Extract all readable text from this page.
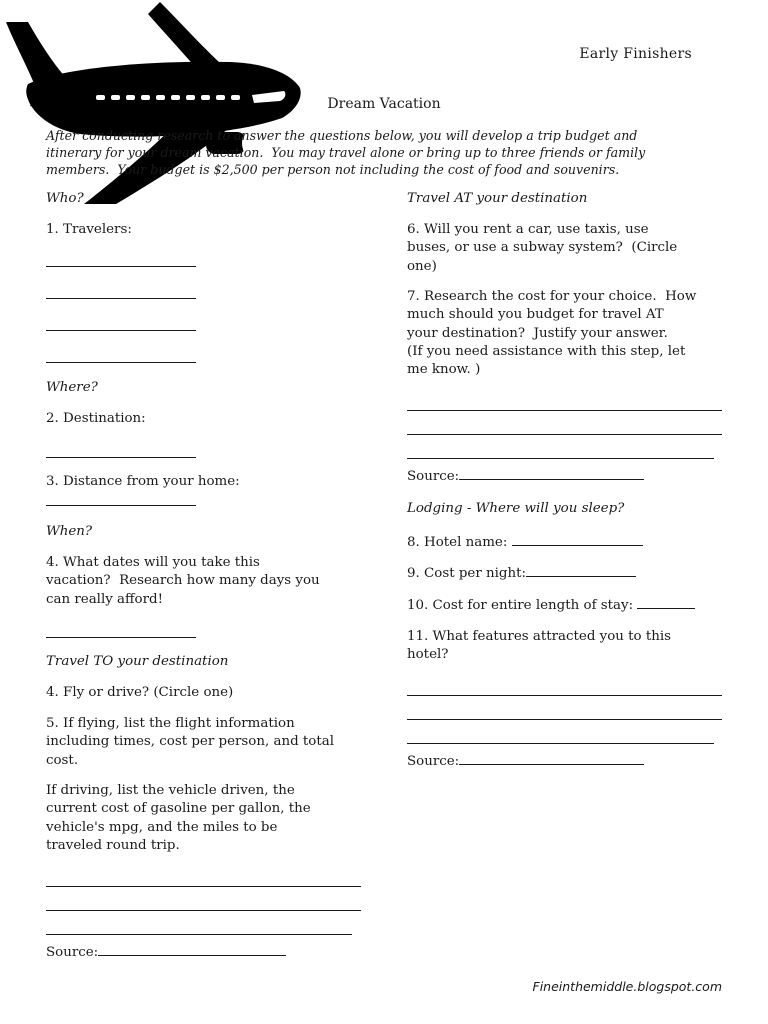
Early Finishers
Dream Vacation
After conducting research to answer the questions below, you will develop a trip budget and
itinerary for your dream vacation.  You may travel alone or bring up to three friends or family
members.  Your budget is $2,500 per person not including the cost of food and souvenirs.
Who?
1. Travelers:
Where?
2. Destination:
3. Distance from your home:
When?
4. What dates will you take this
vacation?  Research how many days you
can really afford!
Travel TO your destination
4. Fly or drive? (Circle one)
5. If flying, list the flight information
including times, cost per person, and total
cost.
If driving, list the vehicle driven, the
current cost of gasoline per gallon, the
vehicle's mpg, and the miles to be
traveled round trip.
Source:
Travel AT your destination
6. Will you rent a car, use taxis, use
buses, or use a subway system?  (Circle
one)
7. Research the cost for your choice.  How
much should you budget for travel AT
your destination?  Justify your answer.
(If you need assistance with this step, let
me know. )
Source:
Lodging - Where will you sleep?
8. Hotel name:
9. Cost per night:
10. Cost for entire length of stay:
11. What features attracted you to this
hotel?
Source:
Fineinthemiddle.blogspot.com
